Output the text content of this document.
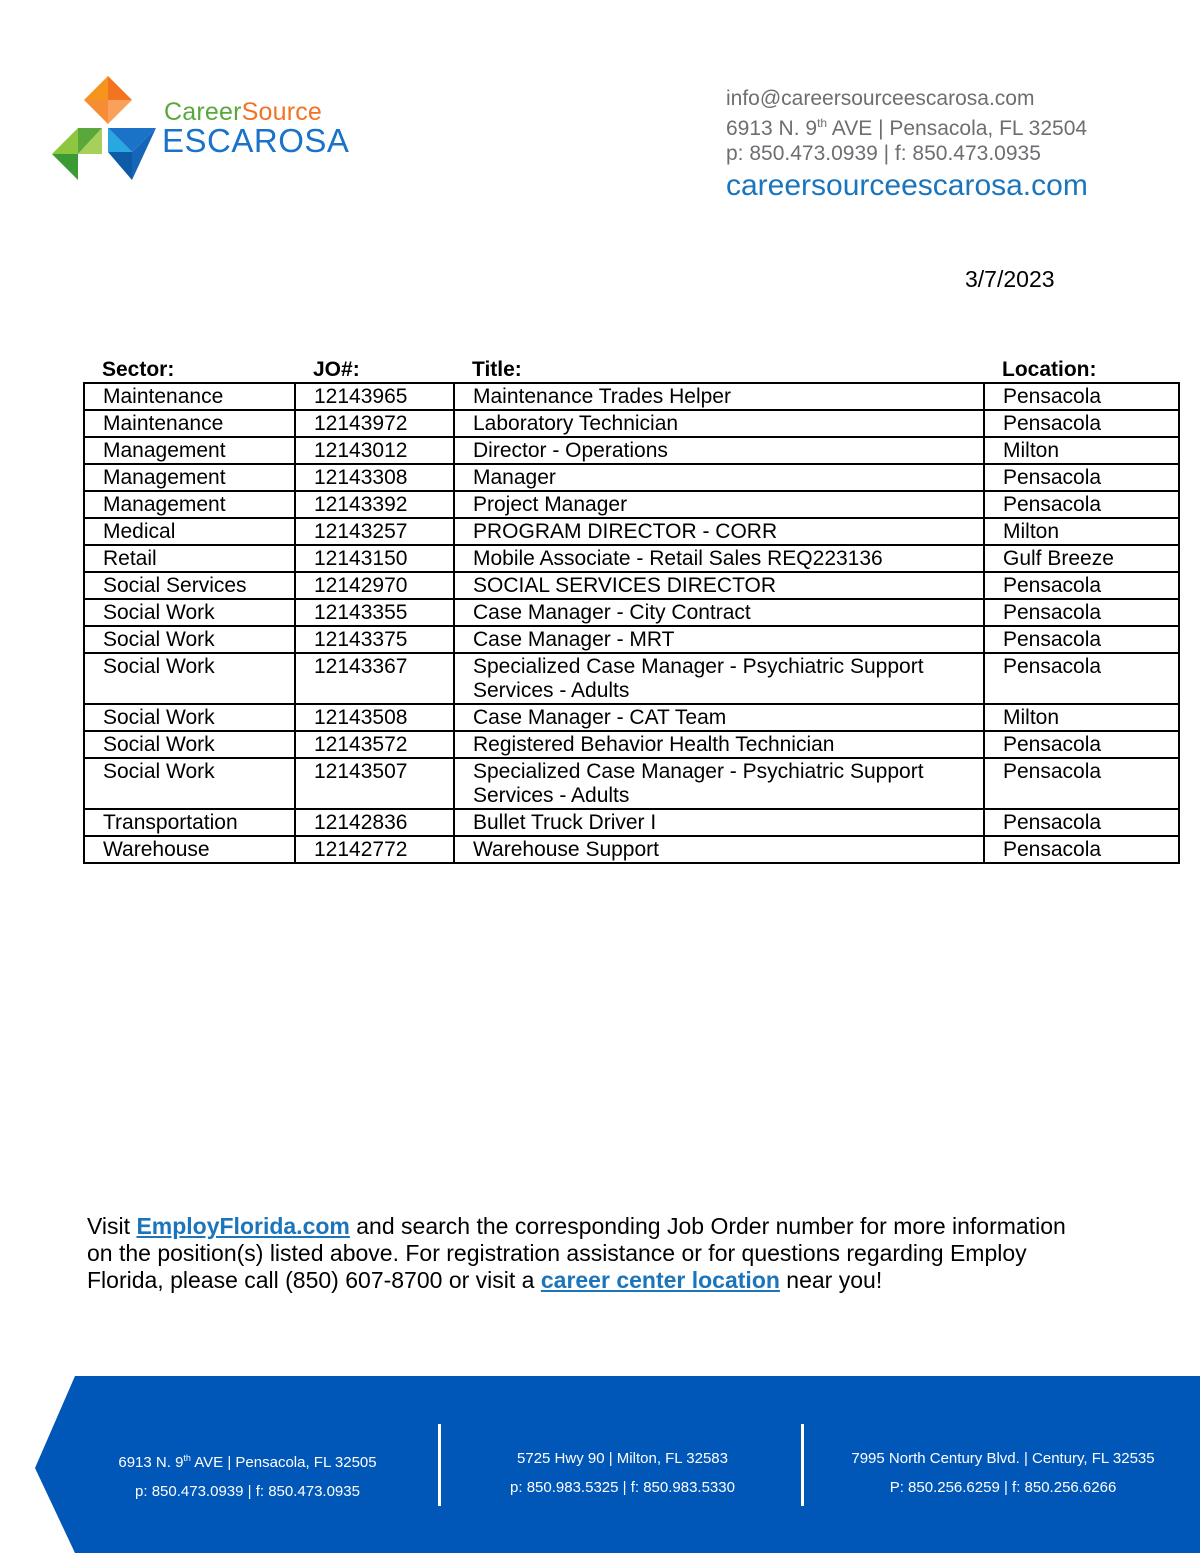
CareerSource
ESCAROSA
info@careersourceescarosa.com
6913 N. 9th AVE | Pensacola, FL 32504
p: 850.473.0939 | f: 850.473.0935
careersourceescarosa.com
3/7/2023
Sector:	JO#:	Title:	Location:
Maintenance	12143965	Maintenance Trades Helper	Pensacola
Maintenance	12143972	Laboratory Technician	Pensacola
Management	12143012	Director - Operations	Milton
Management	12143308	Manager	Pensacola
Management	12143392	Project Manager	Pensacola
Medical	12143257	PROGRAM DIRECTOR - CORR	Milton
Retail	12143150	Mobile Associate - Retail Sales REQ223136	Gulf Breeze
Social Services	12142970	SOCIAL SERVICES DIRECTOR	Pensacola
Social Work	12143355	Case Manager - City Contract	Pensacola
Social Work	12143375	Case Manager - MRT	Pensacola
Social Work	12143367	Specialized Case Manager - Psychiatric Support Services - Adults	Pensacola
Social Work	12143508	Case Manager - CAT Team	Milton
Social Work	12143572	Registered Behavior Health Technician	Pensacola
Social Work	12143507	Specialized Case Manager - Psychiatric Support Services - Adults	Pensacola
Transportation	12142836	Bullet Truck Driver I	Pensacola
Warehouse	12142772	Warehouse Support	Pensacola
Visit EmployFlorida.com and search the corresponding Job Order number for more information on the position(s) listed above. For registration assistance or for questions regarding Employ Florida, please call (850) 607-8700 or visit a career center location near you!
6913 N. 9th AVE | Pensacola, FL 32505
p: 850.473.0939 | f: 850.473.0935
5725 Hwy 90 | Milton, FL 32583
p: 850.983.5325 | f: 850.983.5330
7995 North Century Blvd. | Century, FL 32535
P: 850.256.6259 | f: 850.256.6266
